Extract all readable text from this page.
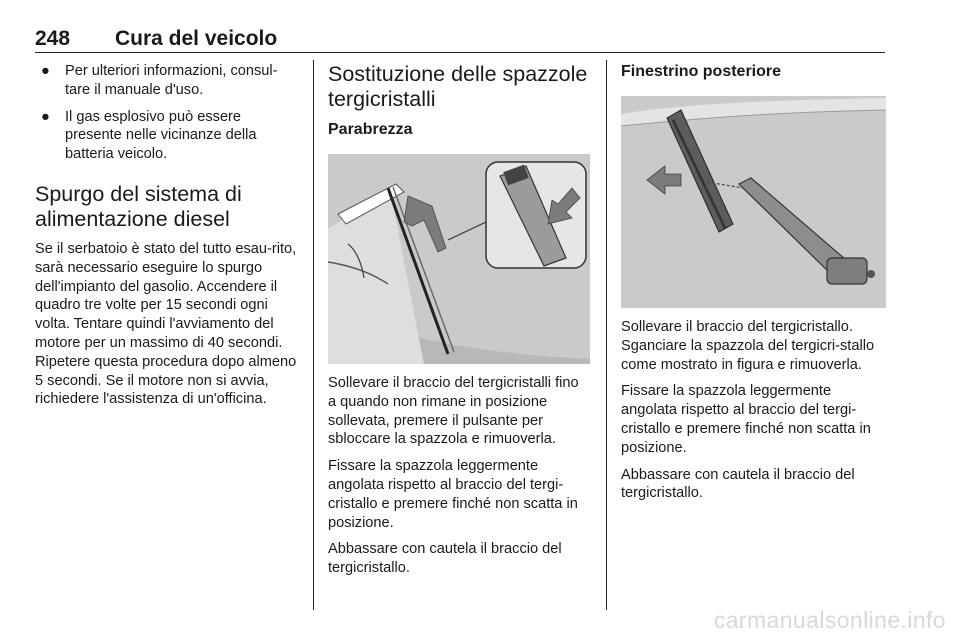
248 Cura del veicolo
● Per ulteriori informazioni, consul-tare il manuale d'uso.
● Il gas esplosivo può essere presente nelle vicinanze della batteria veicolo.
Spurgo del sistema di alimentazione diesel

Se il serbatoio è stato del tutto esau-rito, sarà necessario eseguire lo spurgo dell'impianto del gasolio. Accendere il quadro tre volte per 15 secondi ogni volta. Tentare quindi l'avviamento del motore per un massimo di 40 secondi. Ripetere questa procedura dopo almeno 5 secondi. Se il motore non si avvia, richiedere l'assistenza di un'officina.

Sostituzione delle spazzole tergicristalli
Parabrezza

Sollevare il braccio del tergicristalli fino a quando non rimane in posizione sollevata, premere il pulsante per sbloccare la spazzola e rimuoverla.

Fissare la spazzola leggermente angolata rispetto al braccio del tergi-cristallo e premere finché non scatta in posizione.

Abbassare con cautela il braccio del tergicristallo.

Finestrino posteriore

Sollevare il braccio del tergicristallo. Sganciare la spazzola del tergicri-stallo come mostrato in figura e rimuoverla.

Fissare la spazzola leggermente angolata rispetto al braccio del tergi-cristallo e premere finché non scatta in posizione.

Abbassare con cautela il braccio del tergicristallo.

carmanualsonline.info
